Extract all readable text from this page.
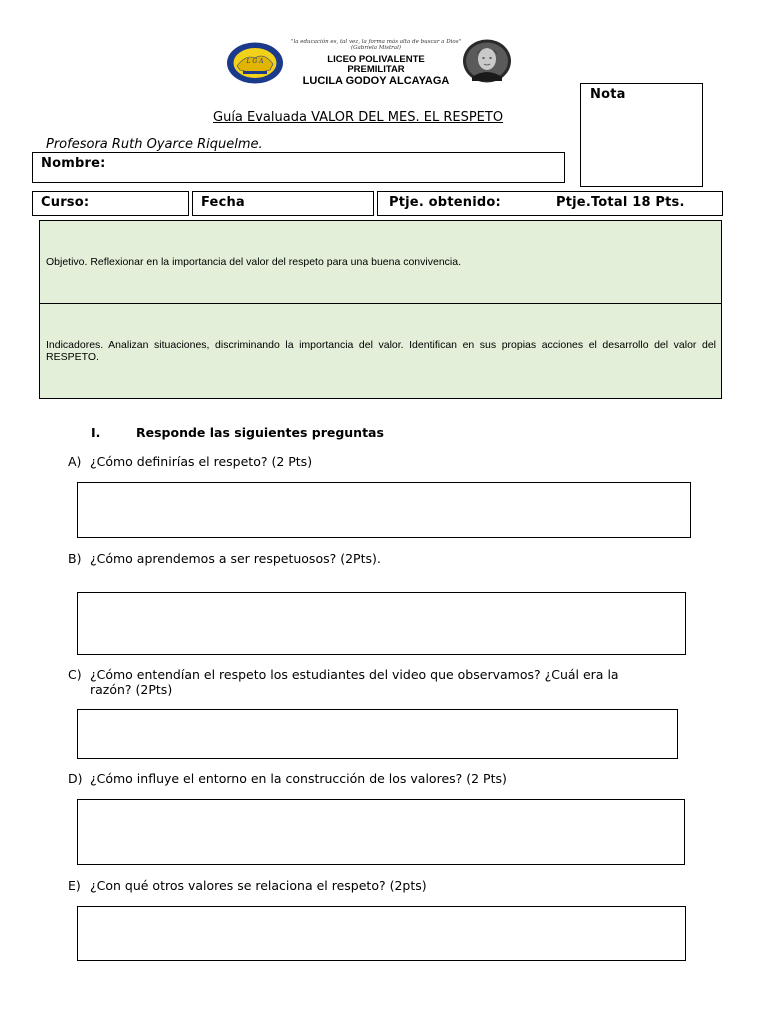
L G A
"la educación es, tal vez, la forma más alta de buscar a Dios"
(Gabriela Mistral)
LICEO POLIVALENTE
PREMILITAR
LUCILA GODOY ALCAYAGA
Nota
Guía Evaluada VALOR DEL MES. EL RESPETO
Profesora Ruth Oyarce Riquelme.
Nombre:
Curso:	Fecha	Ptje. obtenido:	Ptje.Total 18 Pts.
Objetivo. Reflexionar en la importancia del valor del respeto para una buena convivencia.
Indicadores. Analizan situaciones, discriminando la importancia del valor. Identifican en sus propias acciones el desarrollo del valor del RESPETO.
I.	Responde las siguientes preguntas
A) ¿Cómo definirías el respeto? (2 Pts)
B) ¿Cómo aprendemos a ser respetuosos? (2Pts).
C) ¿Cómo entendían el respeto los estudiantes del video que observamos? ¿Cuál era la
razón? (2Pts)
D) ¿Cómo influye el entorno en la construcción de los valores? (2 Pts)
E) ¿Con qué otros valores se relaciona el respeto? (2pts)
